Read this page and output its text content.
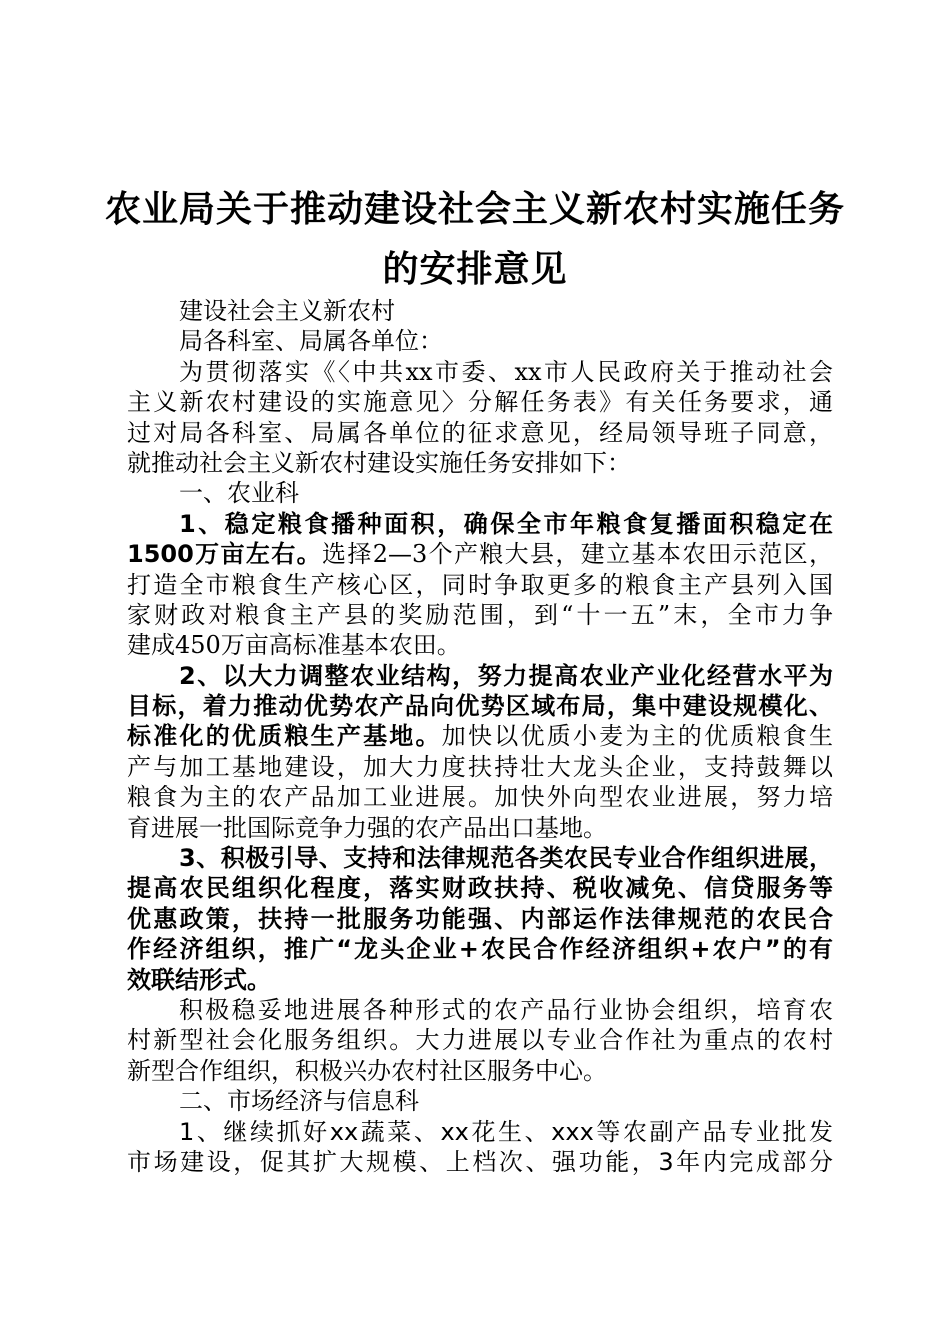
农业局关于推动建设社会主义新农村实施任务
的安排意见
建设社会主义新农村
局各科室、局属各单位：
为贯彻落实《〈中共xx市委、xx市人民政府关于推动社会
主义新农村建设的实施意见〉分解任务表》有关任务要求，通
过对局各科室、局属各单位的征求意见，经局领导班子同意，
就推动社会主义新农村建设实施任务安排如下：
一、农业科
1、稳定粮食播种面积，确保全市年粮食复播面积稳定在
1500万亩左右。选择2—3个产粮大县，建立基本农田示范区，
打造全市粮食生产核心区，同时争取更多的粮食主产县列入国
家财政对粮食主产县的奖励范围，到“十一五”末，全市力争
建成450万亩高标准基本农田。
2、以大力调整农业结构，努力提高农业产业化经营水平为
目标，着力推动优势农产品向优势区域布局，集中建设规模化、
标准化的优质粮生产基地。加快以优质小麦为主的优质粮食生
产与加工基地建设，加大力度扶持壮大龙头企业，支持鼓舞以
粮食为主的农产品加工业进展。加快外向型农业进展，努力培
育进展一批国际竞争力强的农产品出口基地。
3、积极引导、支持和法律规范各类农民专业合作组织进展，
提高农民组织化程度，落实财政扶持、税收减免、信贷服务等
优惠政策，扶持一批服务功能强、内部运作法律规范的农民合
作经济组织，推广“龙头企业+农民合作经济组织+农户”的有
效联结形式。
积极稳妥地进展各种形式的农产品行业协会组织，培育农
村新型社会化服务组织。大力进展以专业合作社为重点的农村
新型合作组织，积极兴办农村社区服务中心。
二、市场经济与信息科
1、继续抓好xx蔬菜、xx花生、xxx等农副产品专业批发
市场建设，促其扩大规模、上档次、强功能，3年内完成部分
